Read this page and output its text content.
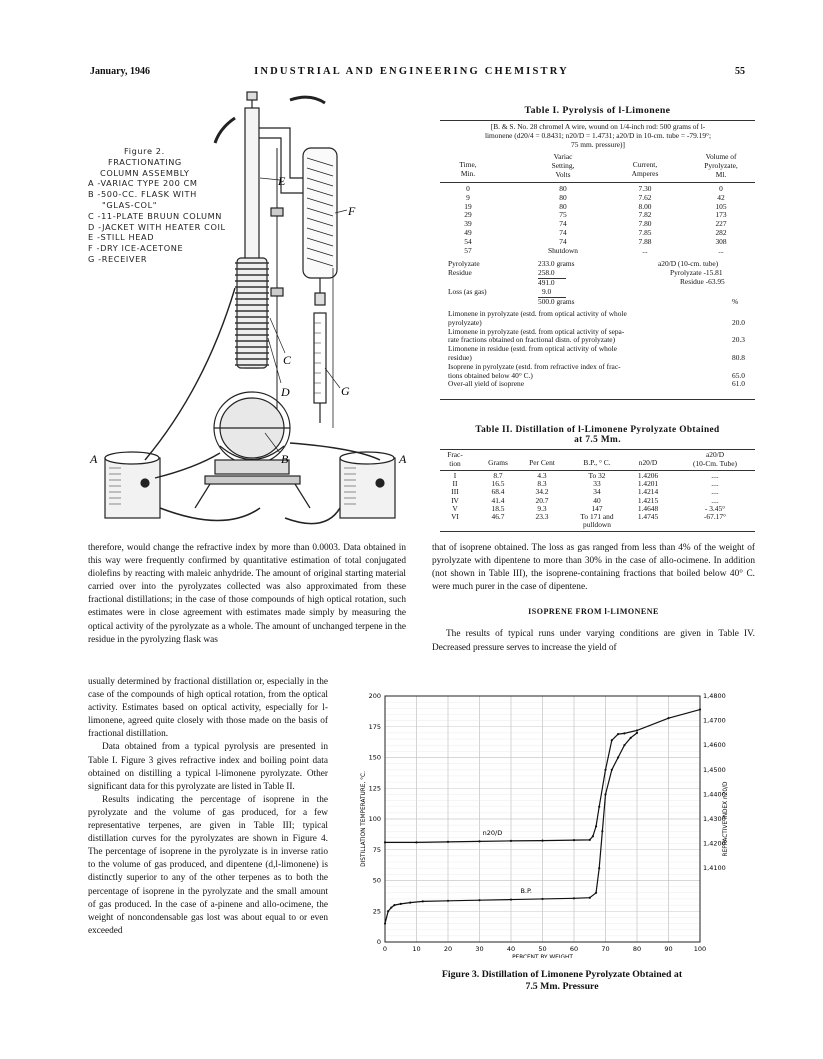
January, 1946	INDUSTRIAL AND ENGINEERING CHEMISTRY	55
E
F
C
D	G
B
A	A
Figure 2.
FRACTIONATING
COLUMN ASSEMBLY
A -VARIAC TYPE 200 CM
B -500-CC. FLASK WITH
"GLAS-COL"
C -11-PLATE BRUUN COLUMN
D -JACKET WITH HEATER COIL
E -STILL HEAD
F -DRY ICE-ACETONE
G -RECEIVER
Table I. Pyrolysis of l-Limonene
[B. & S. No. 28 chromel A wire, wound on 1/4-inch rod: 500 grams of l-
limonene (d20/4 = 0.8431; n20/D = 1.4731; a20/D in 10-cm. tube = -79.19°;
75 mm. pressure)]
Time,
Min.
Variac
Setting,
Volts
Current,
Amperes
Volume of
Pyrolyzate,
Ml.
0	80	7.30	0
9	80	7.62	42
19	80	8.00	105
29	75	7.82	173
39	74	7.80	227
49	74	7.85	282
54	74	7.88	308
57	Shutdown	...	...
Pyrolyzate	233.0 grams
Residue	258.0
491.0
Loss (as gas)	9.0
500.0 grams
a20/D (10-cm. tube)
Pyrolyzate -15.81
Residue -63.95
%
Limonene in pyrolyzate (estd. from optical activity of whole
pyrolyzate)	20.0
Limonene in pyrolyzate (estd. from optical activity of sepa-
rate fractions obtained on fractional distn. of pyrolyzate)	20.3
Limonene in residue (estd. from optical activity of whole
residue)	80.8
Isoprene in pyrolyzate (estd. from refractive index of frac-
tions obtained below 40° C.)	65.0
Over-all yield of isoprene	61.0
Table II. Distillation of l-Limonene Pyrolyzate Obtained
at 7.5 Mm.
Frac-
tion	Grams	Per Cent	B.P., ° C.	n20/D
a20/D
(10-Cm. Tube)
I	8.7	4.3	To 32	1.4206	....
II	16.5	8.3	33	1.4201	....
III	68.4	34.2	34	1.4214	....
IV	41.4	20.7	40	1.4215	....
V	18.5	9.3	147	1.4648	- 3.45°
VI	46.7	23.3	To 171 and	1.4745	-67.17°
pulldown

therefore, would change the refractive index by more than 0.0003. Data obtained in this way were frequently confirmed by quantitative estimation of total conjugated diolefins by reacting with maleic anhydride. The amount of original starting material carried over into the pyrolyzates collected was also approximated from these fractional distillations; in the case of those compounds of high optical rotation, such estimates were in close agreement with estimates made simply by measuring the optical activity of the pyrolyzate as a whole. The amount of unchanged terpene in the residue in the pyrolyzing flask was

usually determined by fractional distillation or, especially in the case of the compounds of high optical rotation, from the optical activity. Estimates based on optical activity, especially for l-limonene, agreed quite closely with those made on the basis of fractional distillation.

Data obtained from a typical pyrolysis are presented in Table I. Figure 3 gives refractive index and boiling point data obtained on distilling a typical l-limonene pyrolyzate. Other significant data for this pyrolyzate are listed in Table II.

Results indicating the percentage of isoprene in the pyrolyzate and the volume of gas produced, for a few representative terpenes, are given in Table III; typical distillation curves for the pyrolyzates are shown in Figure 4. The percentage of isoprene in the pyrolyzate is in inverse ratio to the volume of gas produced, and dipentene (d,l-limonene) is distinctly superior to any of the other terpenes as to both the percentage of isoprene in the pyrolyzate and the small amount of gas produced. In the case of a-pinene and allo-ocimene, the weight of noncondensable gas lost was about equal to or even exceeded

that of isoprene obtained. The loss as gas ranged from less than 4% of the weight of pyrolyzate with dipentene to more than 30% in the case of allo-ocimene. In addition (not shown in Table III), the isoprene-containing fractions that boiled below 40° C. were much purer in the case of dipentene.

ISOPRENE FROM l-LIMONENE

The results of typical runs under varying conditions are given in Table IV. Decreased pressure serves to increase the yield of

0	10	20	30	40	50	60	70	80	90	100
0
25
50
75
100
125
150
175
200
1,4100
1,4200
1,4300
1,4400
1,4500
1,4600
1,4700
1,4800
PERCENT BY WEIGHT
DISTILLATION TEMPERATURE, °C.	REFRACTIVE INDEX n20/D
B.P.
n20/D
Figure 3. Distillation of Limonene Pyrolyzate Obtained at
7.5 Mm. Pressure
